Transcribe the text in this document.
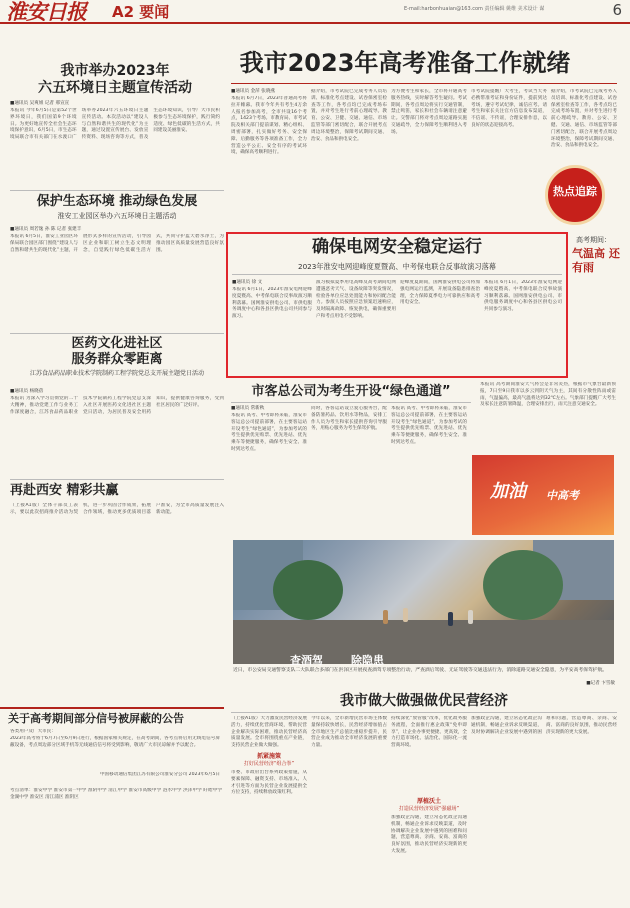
淮安日报 A2 要闻	E-mail:harbonhuaian@163.com 责任编辑 姚维 美术设计 谋	6
我市举办2023年
六五环境日主题宣传活动
■通讯员 吴爽姐 记者 邢宣宣
本报讯 今年6月5日是第52个世界环境日，我们国第9个环境日。为更好地宣传全社会生态环境保护意识，6月5日，市生态环境局联合市有关部门在水渡口广场举办2023年六五环境日主题宣传活动。本次活动以“建设人与自然和谐共生的现代化”为主题，通过设置宣传展台、发放宣传资料、现场咨询等方式，普及生态环境知识，引导广大市民积极参与生态环境保护，践行简约适度、绿色低碳的生活方式，共同建设美丽淮安。
保护生态环境 推动绿色发展
淮安工业园区举办六五环境日主题活动
■通讯员 周若逸 孙 陈 记者 张建丰
本报讯 6月5日，淮安工业园区环保局联合园区部门围绕“建设人与自然和谐共生的现代化”主题，开展形式多样的宣传活动，引导园区企业和职工树立生态文明理念，自觉践行绿色低碳生活方式，共同守护蓝天碧水净土，为推动园区高质量发展营造良好氛围。
医药文化进社区
服务群众零距离
江苏食品药品职业技术学院制药工程学院党总支开展主题党日活动
■通讯员 杨晓蓓
本报讯 为深入学习贯彻党的二十大精神，推动党建工作与业务工作深度融合，江苏食品药品职业技术学院制药工程学院党总支深入社区开展医药文化进社区主题党日活动，为居民普及安全用药知识，提供健康咨询服务，受到社区居民的广泛好评。
再赴西安 精彩共赢
（上接A1版）全体干部员工表示，要以此次招商推介活动为契机，进一步巩固合作成果，拓展合作领域，推动更多优质项目落户淮安，为全市高质量发展注入新动能。
关于高考期间部分信号被屏蔽的公告
各类用户及广大市民：
2023年高考将于6月7日至6月9日进行，根据国家相关规定，在高考期间，各考点将启用无线电信号屏蔽设备，考点周边部分区域手机等无线通信信号将受到影响，敬请广大市民谅解并予以配合。
中国移动通信集团江苏有限公司淮安分公司 2023年6月5日
考点清单：淮安中学 淮安市第一中学 淮阴中学 清江中学 淮安市高级中学 涟水中学 洪泽中学 盱眙中学 金湖中学 淮安区 清江浦区 淮阴区
我市2023年高考准备工作就绪
■通讯员 金萍 张晓燕
本报讯 6月7日，2023年普通高考将拉开帷幕。我市今年共有考生4万余人报名参加高考，全市共设16个考点，1423个考场。市教育局、市考试院及相关部门提前谋划、精心组织、周密部署，扎实做好考务、安全保障、后勤服务等各项准备工作，全力营造公平公正、安全有序的考试环境，确保高考顺利进行。
据介绍，市考试院已完成考务人员培训、标准化考点建设、试卷保密室检查等工作，各考点均已完成考场布置，并对考生进行考前心理疏导。教育、公安、卫健、交通、通信、市场监管等部门密切配合，联合开展考点周边环境整治，保障考试期间交通、治安、食品和供电安全。
为方便考生和家长，全市将开通高考服务热线，实时解答考生疑问。考试期间，各考点周边将实行交通管制，禁止鸣笛，家长和社会车辆请注意避让。交警部门将对考点周边道路实施交通疏导，全力保障考生顺利进入考场。
市考试院提醒广大考生，考试当天务必携带准考证和身份证件，提前到达考场，遵守考试纪律，诚信应考。请考生和家长关注官方信息发布渠道，不信谣、不传谣，合理安排作息，以良好的状态迎接高考。
据介绍，市考试院已完成考务人员培训、标准化考点建设、试卷保密室检查等工作，各考点均已完成考场布置，并对考生进行考前心理疏导。教育、公安、卫健、交通、通信、市场监管等部门密切配合，联合开展考点周边环境整治，保障考试期间交通、治安、食品和供电安全。
热点追踪
确保电网安全稳定运行
2023年淮安电网迎峰度夏暨高、中考保电联合反事故演习落幕
■通讯员 徐 文
本报讯 6月1日，2023年淮安电网迎峰度夏暨高、中考保电联合反事故演习顺利落幕。国网淮安供电公司、市供电服务调度中心和各县区供电公司共同参与演习。
演习模拟夏季用电高峰及高考期间电网遭遇恶劣天气、设备故障等突发情况，检验各单位应急处置能力和协同配合能力。参演人员按照应急预案迅速响应，及时隔离故障、恢复供电，确保重要用户和考点用电不受影响。
迎峰度夏期间，国网淮安供电公司将加强电网运行监测，开展设备隐患排查治理，全力保障夏季电力可靠供应和高考用电安全。
本报讯 6月1日，2023年淮安电网迎峰度夏暨高、中考保电联合反事故演习顺利落幕。国网淮安供电公司、市供电服务调度中心和各县区供电公司共同参与演习。
高考期间：
气温高 还有雨
市客总公司为考生开设“绿色通道”
■通讯员 常新秋
本报讯 高考、中考即将来临，淮安市客运总公司提前部署，在主要客运站开设考生“绿色通道”，为参加考试的考生提供优先购票、优先进站、优先乘车等便捷服务，确保考生安全、准时到达考点。
同时，各客运站设立爱心服务台，配备防暑药品、饮用水等物品，安排工作人员为考生和家长提供咨询引导服务，用贴心服务为考生保驾护航。
本报讯 高考、中考即将来临，淮安市客运总公司提前部署，在主要客运站开设考生“绿色通道”，为参加考试的考生提供优先购票、优先进站、优先乘车等便捷服务，确保考生安全、准时到达考点。
本报讯 高考期间淮安天气将会是非常炎热，根据市气象台最新预报，7日至9日我市以多云到阴天气为主，其间有分散性阵雨或雷雨，气温偏高，最高气温将达到32℃左右。气象部门提醒广大考生及家长注意防暑降温，合理安排出行，雨天注意交通安全。
加油 中高考
查酒驾	除隐患
近日，市公安局交通警察支队二大队联合多部门在洪泽区开展夜查酒驾专项整治行动，严查酒后驾驶、无证驾驶等交通违法行为，消除道路交通安全隐患，为平安高考保驾护航。
■记者 卞雪敏
我市做大做强做优民营经济
（上接A1版）大力激发民营经济发展活力，持续优化营商环境，帮助民营企业解决实际困难，推动民营经济高质量发展。全市将围绕重点产业链，支持民营企业做大做强。
抓紧施策
打好民营经济“组合拳”
市委、市政府出台系列政策措施，从要素保障、融资支持、市场准入、人才引进等方面为民营企业发展提供全方位支持，持续释放政策红利。
今年以来，全市新增民营市场主体数量保持较快增长，民营经济增加值占全市地区生产总值比重稳步提升，民营企业成为推动全市经济发展的重要力量。
持续深化“放管服”改革，优化政务服务流程，全面推行惠企政策“免申即享”，让企业办事更便捷、更高效，全力打造市场化、法治化、国际化一流营商环境。
厚植沃土
打造民营经济发展“强磁场”
加强政企沟通，建立常态化政企沟通机制，畅通企业诉求反映渠道，及时协调解决企业发展中遇到的困难和问题，营造尊商、亲商、安商、富商的良好氛围，推动民营经济实现新的更大发展。
加强政企沟通，建立常态化政企沟通机制，畅通企业诉求反映渠道，及时协调解决企业发展中遇到的困难和问题，营造尊商、亲商、安商、富商的良好氛围，推动民营经济实现新的更大发展。
